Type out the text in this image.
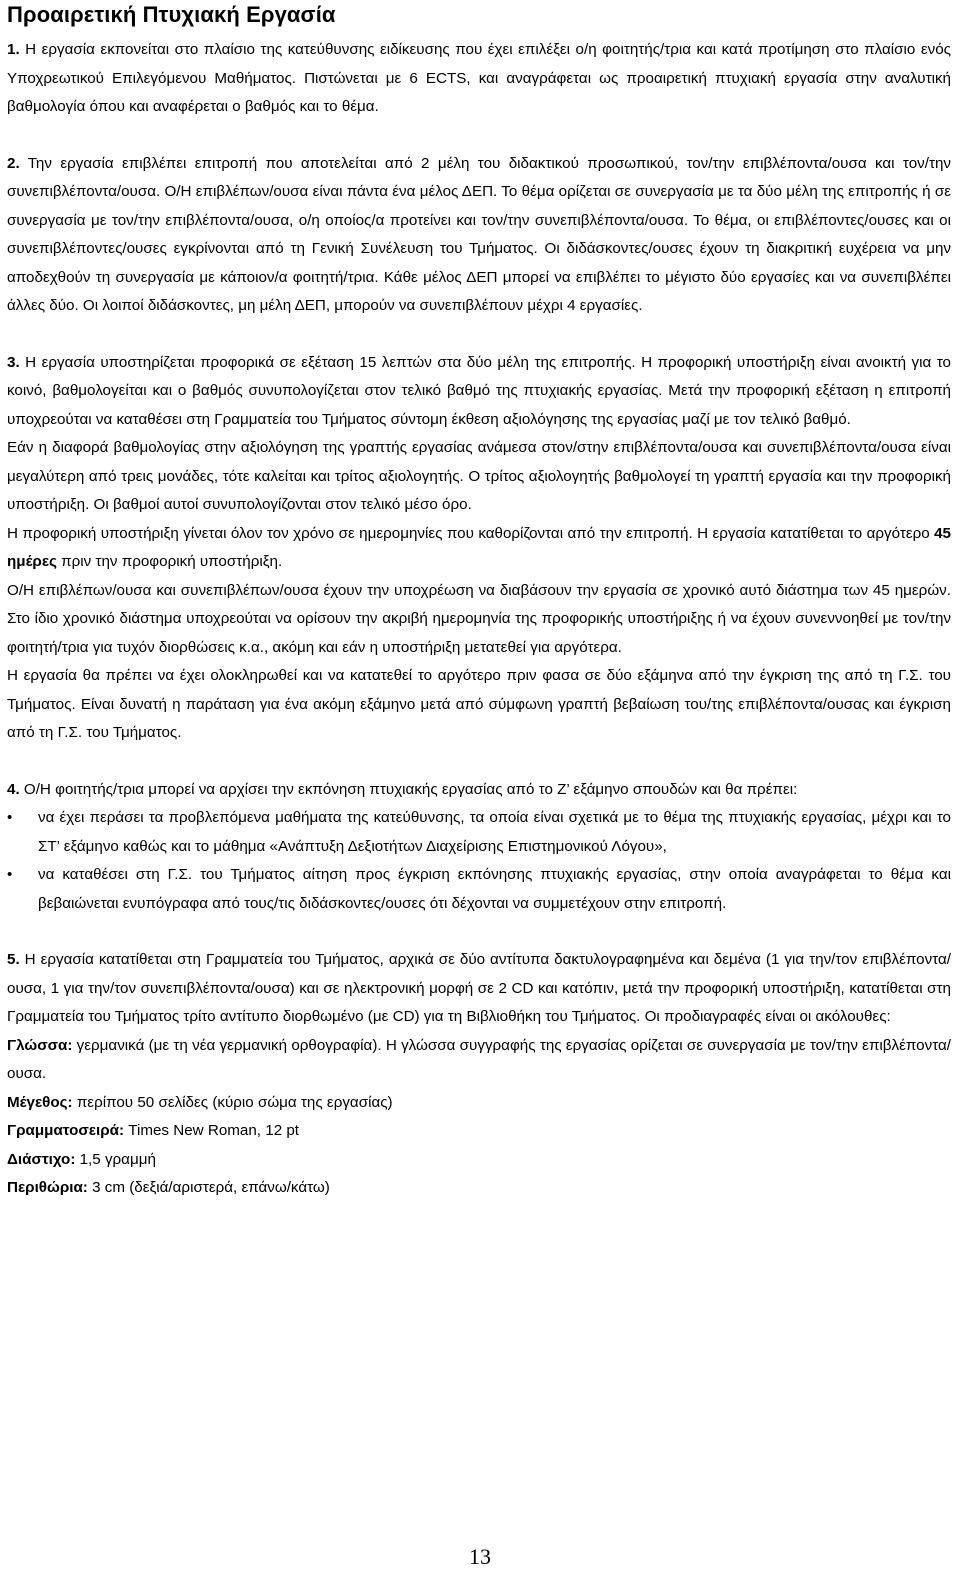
Προαιρετική Πτυχιακή Εργασία

1. Η εργασία εκπονείται στο πλαίσιο της κατεύθυνσης ειδίκευσης που έχει επιλέξει ο/η φοιτητής/τρια και κατά προτίμηση στο πλαίσιο ενός Υποχρεωτικού Επιλεγόμενου Μαθήματος. Πιστώνεται με 6 ECTS, και αναγράφεται ως προαιρετική πτυχιακή εργασία στην αναλυτική βαθμολογία όπου και αναφέρεται ο βαθμός και το θέμα.

2. Την εργασία επιβλέπει επιτροπή που αποτελείται από 2 μέλη του διδακτικού προσωπικού, τον/την επιβλέποντα/ουσα και τον/την συνεπιβλέποντα/ουσα. Ο/Η επιβλέπων/ουσα είναι πάντα ένα μέλος ΔΕΠ. Το θέμα ορίζεται σε συνεργασία με τα δύο μέλη της επιτροπής ή σε συνεργασία με τον/την επιβλέποντα/ουσα, ο/η οποίος/α προτείνει και τον/την συνεπιβλέποντα/ουσα. Το θέμα, οι επιβλέποντες/ουσες και οι συνεπιβλέποντες/ουσες εγκρίνονται από τη Γενική Συνέλευση του Τμήματος. Οι διδάσκοντες/ουσες έχουν τη διακριτική ευχέρεια να μην αποδεχθούν τη συνεργασία με κάποιον/α φοιτητή/τρια. Κάθε μέλος ΔΕΠ μπορεί να επιβλέπει το μέγιστο δύο εργασίες και να συνεπιβλέπει άλλες δύο. Οι λοιποί διδάσκοντες, μη μέλη ΔΕΠ, μπορούν να συνεπιβλέπουν μέχρι 4 εργασίες.

3. Η εργασία υποστηρίζεται προφορικά σε εξέταση 15 λεπτών στα δύο μέλη της επιτροπής. Η προφορική υποστήριξη είναι ανοικτή για το κοινό, βαθμολογείται και ο βαθμός συνυπολογίζεται στον τελικό βαθμό της πτυχιακής εργασίας. Μετά την προφορική εξέταση η επιτροπή υποχρεούται να καταθέσει στη Γραμματεία του Τμήματος σύντομη έκθεση αξιολόγησης της εργασίας μαζί με τον τελικό βαθμό.

Εάν η διαφορά βαθμολογίας στην αξιολόγηση της γραπτής εργασίας ανάμεσα στον/στην επιβλέποντα/ουσα και συνεπιβλέποντα/ουσα είναι μεγαλύτερη από τρεις μονάδες, τότε καλείται και τρίτος αξιολογητής. Ο τρίτος αξιολογητής βαθμολογεί τη γραπτή εργασία και την προφορική υποστήριξη. Οι βαθμοί αυτοί συνυπολογίζονται στον τελικό μέσο όρο.

Η προφορική υποστήριξη γίνεται όλον τον χρόνο σε ημερομηνίες που καθορίζονται από την επιτροπή. Η εργασία κατατίθεται το αργότερο 45 ημέρες πριν την προφορική υποστήριξη.

Ο/Η επιβλέπων/ουσα και συνεπιβλέπων/ουσα έχουν την υποχρέωση να διαβάσουν την εργασία σε χρονικό αυτό διάστημα των 45 ημερών. Στο ίδιο χρονικό διάστημα υποχρεούται να ορίσουν την ακριβή ημερομηνία της προφορικής υποστήριξης ή να έχουν συνεννοηθεί με τον/την φοιτητή/τρια για τυχόν διορθώσεις κ.α., ακόμη και εάν η υποστήριξη μετατεθεί για αργότερα.

Η εργασία θα πρέπει να έχει ολοκληρωθεί και να κατατεθεί το αργότερο πριν φασα σε δύο εξάμηνα από την έγκριση της από τη Γ.Σ. του Τμήματος. Είναι δυνατή η παράταση για ένα ακόμη εξάμηνο μετά από σύμφωνη γραπτή βεβαίωση του/της επιβλέποντα/ουσας και έγκριση από τη Γ.Σ. του Τμήματος.

4. Ο/Η φοιτητής/τρια μπορεί να αρχίσει την εκπόνηση πτυχιακής εργασίας από το Ζ’ εξάμηνο σπουδών και θα πρέπει:

• να έχει περάσει τα προβλεπόμενα μαθήματα της κατεύθυνσης, τα οποία είναι σχετικά με το θέμα της πτυχιακής εργασίας, μέχρι και το ΣΤ’ εξάμηνο καθώς και το μάθημα «Ανάπτυξη Δεξιοτήτων Διαχείρισης Επιστημονικού Λόγου»,
• να καταθέσει στη Γ.Σ. του Τμήματος αίτηση προς έγκριση εκπόνησης πτυχιακής εργασίας, στην οποία αναγράφεται το θέμα και βεβαιώνεται ενυπόγραφα από τους/τις διδάσκοντες/ουσες ότι δέχονται να συμμετέχουν στην επιτροπή.

5. Η εργασία κατατίθεται στη Γραμματεία του Τμήματος, αρχικά σε δύο αντίτυπα δακτυλογραφημένα και δεμένα (1 για την/τον επιβλέποντα/ουσα, 1 για την/τον συνεπιβλέποντα/ουσα) και σε ηλεκτρονική μορφή σε 2 CD και κατόπιν, μετά την προφορική υποστήριξη, κατατίθεται στη Γραμματεία του Τμήματος τρίτο αντίτυπο διορθωμένο (με CD) για τη Βιβλιοθήκη του Τμήματος. Οι προδιαγραφές είναι οι ακόλουθες:

Γλώσσα: γερμανικά (με τη νέα γερμανική ορθογραφία). Η γλώσσα συγγραφής της εργασίας ορίζεται σε συνεργασία με τον/την επιβλέποντα/ουσα.

Μέγεθος: περίπου 50 σελίδες (κύριο σώμα της εργασίας)

Γραμματοσειρά: Times New Roman, 12 pt

Διάστιχο: 1,5 γραμμή

Περιθώρια: 3 cm (δεξιά/αριστερά, επάνω/κάτω)

13
